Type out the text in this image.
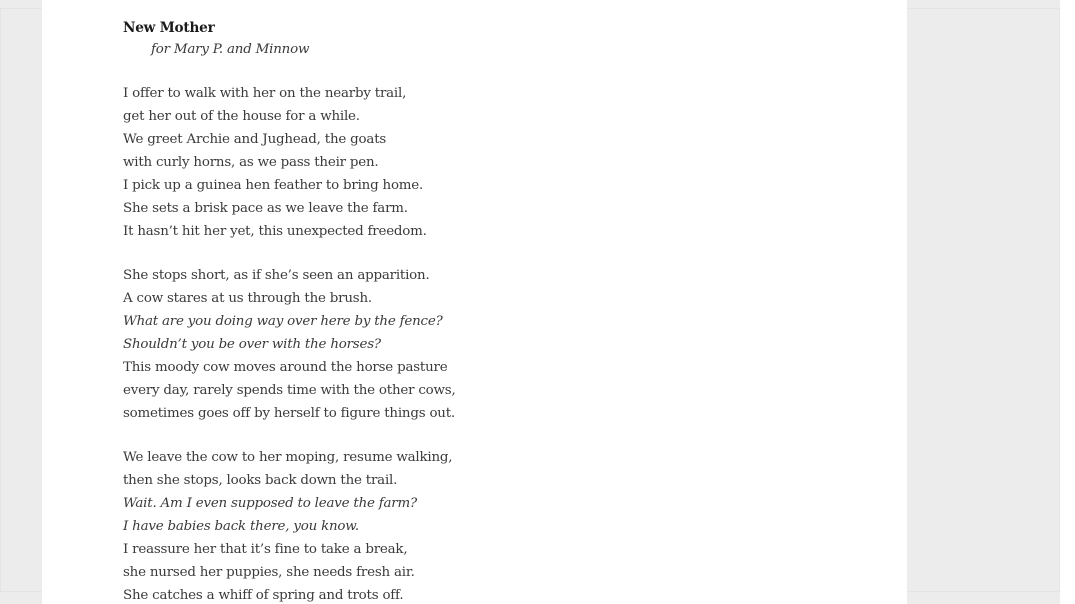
New Mother
for Mary P. and Minnow
I offer to walk with her on the nearby trail,
get her out of the house for a while.
We greet Archie and Jughead, the goats
with curly horns, as we pass their pen.
I pick up a guinea hen feather to bring home.
She sets a brisk pace as we leave the farm.
It hasn’t hit her yet, this unexpected freedom.
She stops short, as if she’s seen an apparition.
A cow stares at us through the brush.
What are you doing way over here by the fence?
Shouldn’t you be over with the horses?
This moody cow moves around the horse pasture
every day, rarely spends time with the other cows,
sometimes goes off by herself to figure things out.
We leave the cow to her moping, resume walking,
then she stops, looks back down the trail.
Wait. Am I even supposed to leave the farm?
I have babies back there, you know.
I reassure her that it’s fine to take a break,
she nursed her puppies, she needs fresh air.
She catches a whiff of spring and trots off.
